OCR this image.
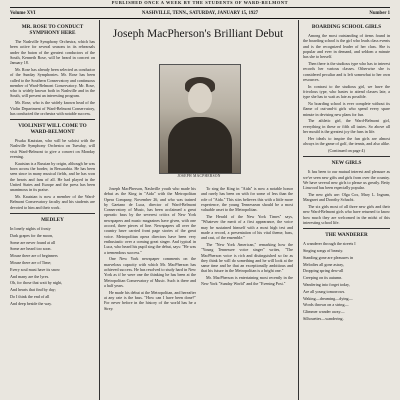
PUBLISHED ONCE A WEEK BY THE STUDENTS OF WARD-BELMONT
Volume XVI	NASHVILLE, TENN., SATURDAY, JANUARY 15, 1927	Number 1

MR. ROSE TO CONDUCT SYMPHONY HERE

The Nashville Symphony Orchestra, which has been active for several seasons in its rehearsals under the baton of the greatest conductors of the South, Kenneth Rose, will be heard in concert on January 18.

Mr. Rose has already been selected as conductor of the Sunday Symphonies. Mr. Rose has been called to the Southern Conservatory and continuous member of Ward-Belmont Conservatory. Mr. Rose, who is widely known both in Nashville and in the South, will present an interesting program.

Mr. Rose, who is the widely known head of the Violin Department of Ward-Belmont Conservatory, has conducted the orchestra with notable success.

VIOLINIST WILL COME TO WARD-BELMONT

Pisaka Kautsian, who will be soloist with the Nashville Symphony Orchestra on Tuesday, will visit Ward-Belmont to give a concert on Monday evening.

Kautsian is a Russian by origin, although he was born across the border, in Bessarabia. He has been seen since in many musical fields, and he has won the hearts and fans of all. He had played in the United States and Europe and the press has been unanimous in its praise.

Mr. Kautsian is now a member of the Ward-Belmont Conservatory faculty and his students are devoted to him and their work.

MEDLEY

In lonely nights of frosty

Dark grapes for the moon,

Some are never found at all

Some are heard too soon.

Mouse there are of beginners

Mouse there are of Time;

Every soul must have its snow

And many are the lyres.

Oh, for those that wait by night,

And hearts that find by day;

Do I think the end of all

And deep beside the way.

Joseph MacPherson's Brilliant Debut
JOSEPH MACPHERSON

Joseph MacPherson, Nashville youth who made his debut as the King in "Aida" with the Metropolitan Opera Company, November 26, and who was trained by Gaetano de Luca, director of Ward-Belmont Conservatory of Music, has been acclaimed a great operatic bass by the severest critics of New York newspapers and music magazines have given, with one accord, three pieces of line. Newspapers all over the country have carried front page stories of the great voice. Metropolitan opera directors have been very enthusiastic over a coming great singer. And typical in Luca, who heard his pupil sing the debut, says: "He was a tremendous success."

One New York newspaper comments on the marvelous capacity with which Mr. MacPherson has achieved success. He has resolved to study hard in New York as if he were one the thinking he has been at the Metropolitan Conservatory of Music. Such is there and a half years.

He made his debut at the Metropolitan, and hereafter at any rate is the bass. "How can I have been done?" For never before in the history of the world has he a Sirey.

To sing the King in "Aida" is now a notable honor and rarely has been on with for some of less than the role of "Aida." This stirs believes this with a little more experience, the young Tennessean should be a most valuable asset to the Metropolitan.

The Herald of the New York Times" says, "Whatever the merit of a first appearance, the voice may be sustained himself with a most high test and made a record, a presentation of his vital theme, bass, and cast, of the ensemble."

The "New York American," remarking how the "Young Tennessee voice singer" writes, "The MacPherson voice is rich and distinguished so far as they think he will do something and he will look at the same time and he that an exceptionally ambitious and that his future in the Metropolitan is a bright one."

Mr. MacPherson is entertaining most recently in the New York "Sunday World" and the "Evening Post."

BOARDING SCHOOL GIRLS

Among the most outstanding of items found in the boarding school is the girl who leads class events and is the recognized leader of her class. She is popular and ever in demand, and seldom a minute has she to herself.

Then there is the studious type who has to interest records her various classes. Otherwise she is considered peculiar and is left somewhat to her own resources.

In contrast to the studious girl, we have the frivolous type, who hastes to attend classes late, a type she has to wait as late as possible.

No boarding school is ever complete without its flame of out-and-it girls who spend every spare minute in devising new plans for fun.

The athletic girl, the Ward-Belmont girl, everything in these or fifth all tastes. So above all her mould is the greatest joy the funs in life.

Her ideals to inspire the fun girls are almost always in the game of golf, the tennis, and also alike.

(Continued on page 4)

NEW GIRLS

It has been to our mutual interest and pleasure as we've seen new gifts and girls from over the country. We have several new girls to please us greatly. Betty Linwood has been especially popular.

The new girls are: Olga Cox, Mary L. Ingram, Margaret and Dorothy Schacht.

The six girls most of all three new girls and their new Ward-Belmont girls who have returned to know how much they are welcomed in the midst of this interesting school life.

THE WANDERER

A wanderer through the streets I

Singing songs of beauty.

Standing gone are pleasures in

Melodies all gone astray,

Dropping spring dew-all

Creeping on its autumn.

Wandering into forget today,

Are all young tomorrows.

Waking—dreaming—dying—

Words thrown on a string—

Glimmer wander away—

Silhouettes—wandering.
